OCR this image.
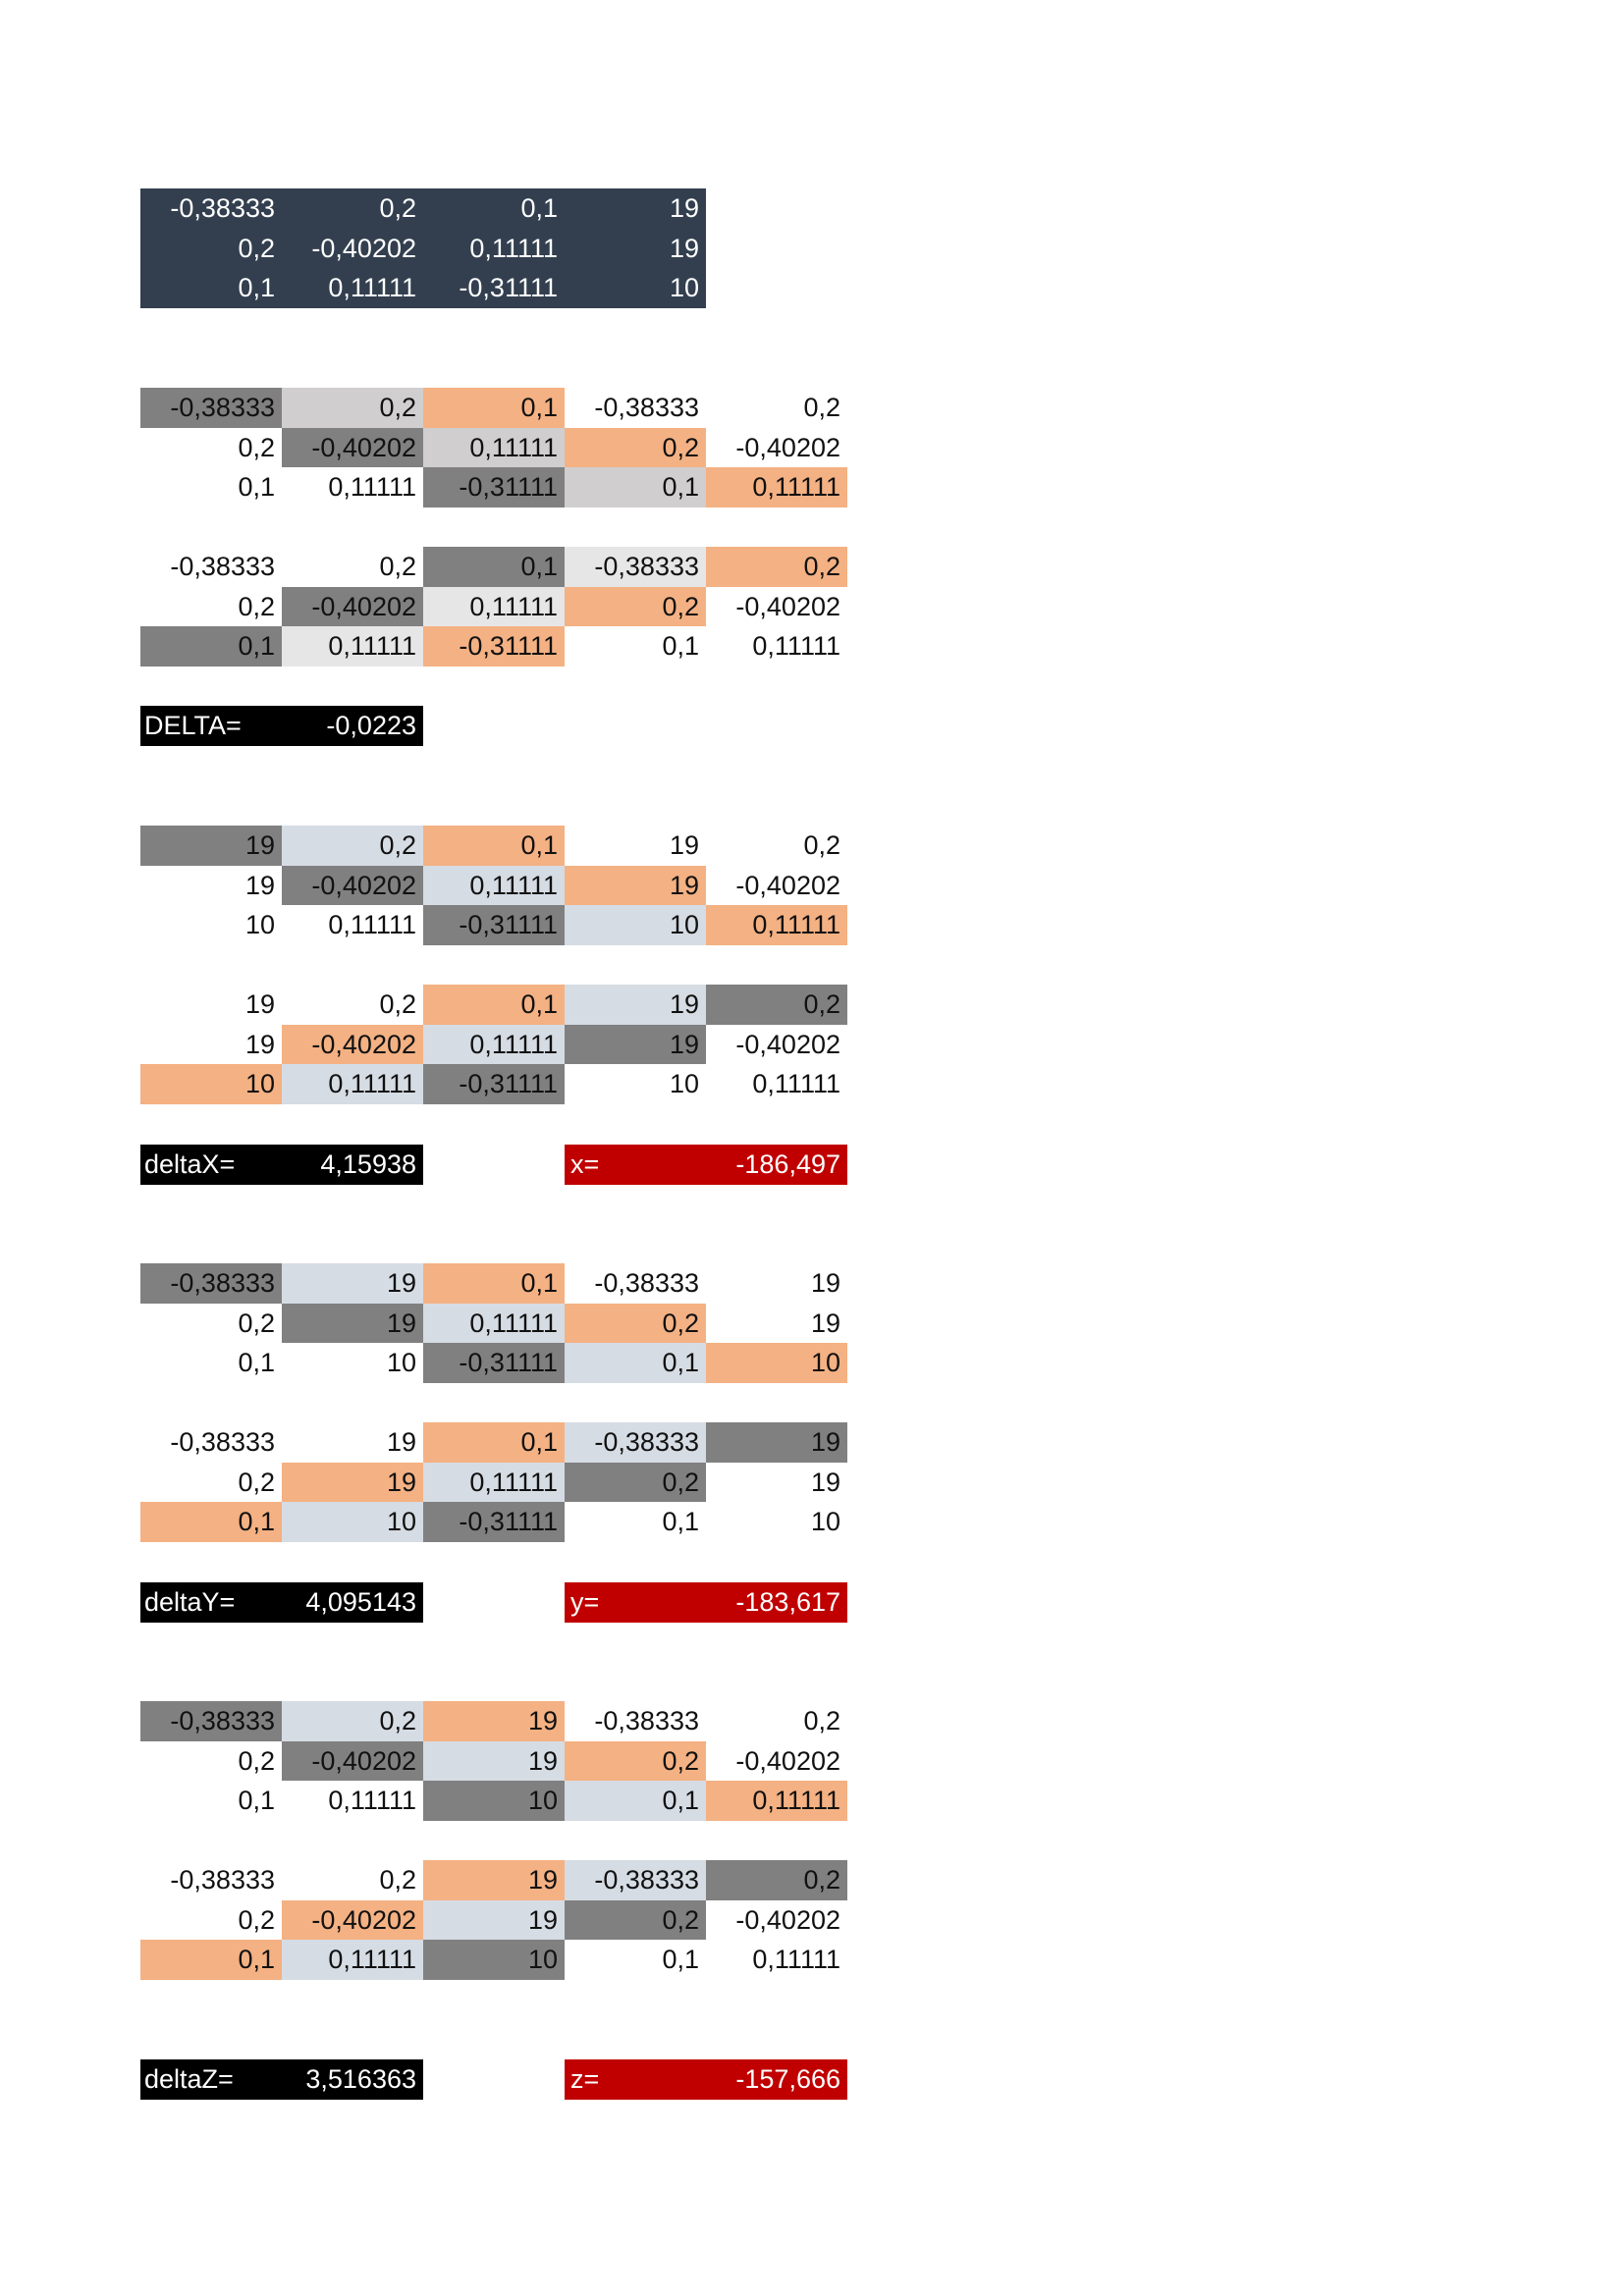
-0,38333	0,2	0,1	19
0,2	-0,40202	0,11111	19
0,1	0,11111	-0,31111	10
-0,38333	0,2	0,1	-0,38333	0,2
0,2	-0,40202	0,11111	0,2	-0,40202
0,1	0,11111	-0,31111	0,1	0,11111
-0,38333	0,2	0,1	-0,38333	0,2
0,2	-0,40202	0,11111	0,2	-0,40202
0,1	0,11111	-0,31111	0,1	0,11111
DELTA=	-0,0223
19	0,2	0,1	19	0,2
19	-0,40202	0,11111	19	-0,40202
10	0,11111	-0,31111	10	0,11111
19	0,2	0,1	19	0,2
19	-0,40202	0,11111	19	-0,40202
10	0,11111	-0,31111	10	0,11111
deltaX=	4,15938	x=	-186,497
-0,38333	19	0,1	-0,38333	19
0,2	19	0,11111	0,2	19
0,1	10	-0,31111	0,1	10
-0,38333	19	0,1	-0,38333	19
0,2	19	0,11111	0,2	19
0,1	10	-0,31111	0,1	10
deltaY=	4,095143	y=	-183,617
-0,38333	0,2	19	-0,38333	0,2
0,2	-0,40202	19	0,2	-0,40202
0,1	0,11111	10	0,1	0,11111
-0,38333	0,2	19	-0,38333	0,2
0,2	-0,40202	19	0,2	-0,40202
0,1	0,11111	10	0,1	0,11111
deltaZ=	3,516363	z=	-157,666
